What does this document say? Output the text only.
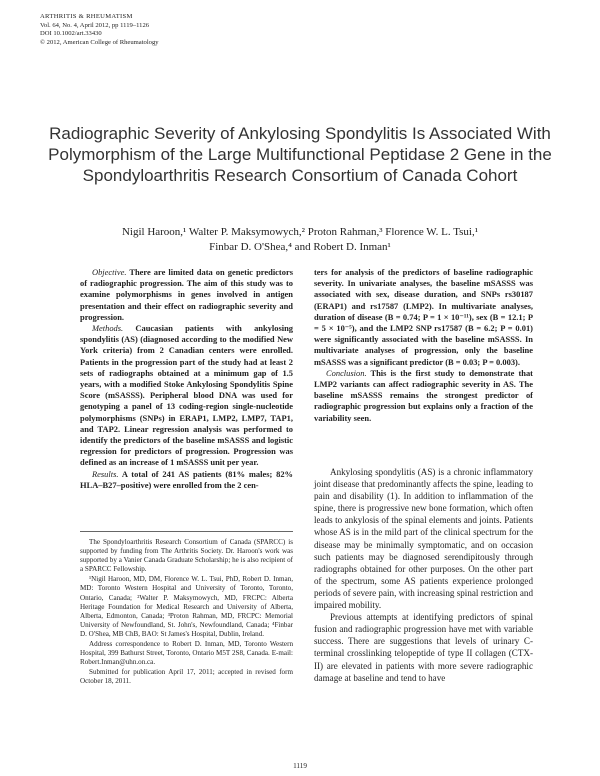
ARTHRITIS & RHEUMATISM
Vol. 64, No. 4, April 2012, pp 1119–1126
DOI 10.1002/art.33430
© 2012, American College of Rheumatology
Radiographic Severity of Ankylosing Spondylitis Is Associated With Polymorphism of the Large Multifunctional Peptidase 2 Gene in the Spondyloarthritis Research Consortium of Canada Cohort
Nigil Haroon,¹ Walter P. Maksymowych,² Proton Rahman,³ Florence W. L. Tsui,¹
Finbar D. O'Shea,⁴ and Robert D. Inman¹

Objective. There are limited data on genetic predictors of radiographic progression. The aim of this study was to examine polymorphisms in genes involved in antigen presentation and their effect on radiographic severity and progression.

Methods. Caucasian patients with ankylosing spondylitis (AS) (diagnosed according to the modified New York criteria) from 2 Canadian centers were enrolled. Patients in the progression part of the study had at least 2 sets of radiographs obtained at a minimum gap of 1.5 years, with a modified Stoke Ankylosing Spondylitis Spine Score (mSASSS). Peripheral blood DNA was used for genotyping a panel of 13 coding-region single-nucleotide polymorphisms (SNPs) in ERAP1, LMP2, LMP7, TAP1, and TAP2. Linear regression analysis was performed to identify the predictors of the baseline mSASSS and logistic regression for predictors of progression. Progression was defined as an increase of 1 mSASSS unit per year.

Results. A total of 241 AS patients (81% males; 82% HLA–B27–positive) were enrolled from the 2 cen-

ters for analysis of the predictors of baseline radiographic severity. In univariate analyses, the baseline mSASSS was associated with sex, disease duration, and SNPs rs30187 (ERAP1) and rs17587 (LMP2). In multivariate analyses, duration of disease (B = 0.74; P = 1 × 10⁻¹¹), sex (B = 12.1; P = 5 × 10⁻⁵), and the LMP2 SNP rs17587 (B = 6.2; P = 0.01) were significantly associated with the baseline mSASSS. In multivariate analyses of progression, only the baseline mSASSS was a significant predictor (B = 0.03; P = 0.003).

Conclusion. This is the first study to demonstrate that LMP2 variants can affect radiographic severity in AS. The baseline mSASSS remains the strongest predictor of radiographic progression but explains only a fraction of the variability seen.

Ankylosing spondylitis (AS) is a chronic inflammatory joint disease that predominantly affects the spine, leading to pain and disability (1). In addition to inflammation of the spine, there is progressive new bone formation, which often leads to ankylosis of the spinal elements and joints. Patients whose AS is in the mild part of the clinical spectrum for the disease may be minimally symptomatic, and on occasion such patients may be diagnosed serendipitously through radiographs obtained for other purposes. On the other part of the spectrum, some AS patients experience prolonged periods of severe pain, with increasing spinal restriction and impaired mobility.

Previous attempts at identifying predictors of spinal fusion and radiographic progression have met with variable success. There are suggestions that levels of urinary C-terminal crosslinking telopeptide of type II collagen (CTX-II) are elevated in patients with more severe radiographic damage at baseline and tend to have

The Spondyloarthritis Research Consortium of Canada (SPARCC) is supported by funding from The Arthritis Society. Dr. Haroon's work was supported by a Vanier Canada Graduate Scholarship; he is also recipient of a SPARCC Fellowship.

¹Nigil Haroon, MD, DM, Florence W. L. Tsui, PhD, Robert D. Inman, MD: Toronto Western Hospital and University of Toronto, Toronto, Ontario, Canada; ²Walter P. Maksymowych, MD, FRCPC: Alberta Heritage Foundation for Medical Research and University of Alberta, Alberta, Edmonton, Canada; ³Proton Rahman, MD, FRCPC: Memorial University of Newfoundland, St. John's, Newfoundland, Canada; ⁴Finbar D. O'Shea, MB ChB, BAO: St James's Hospital, Dublin, Ireland.

Address correspondence to Robert D. Inman, MD, Toronto Western Hospital, 399 Bathurst Street, Toronto, Ontario M5T 2S8, Canada. E-mail: Robert.Inman@uhn.on.ca.

Submitted for publication April 17, 2011; accepted in revised form October 18, 2011.

1119
